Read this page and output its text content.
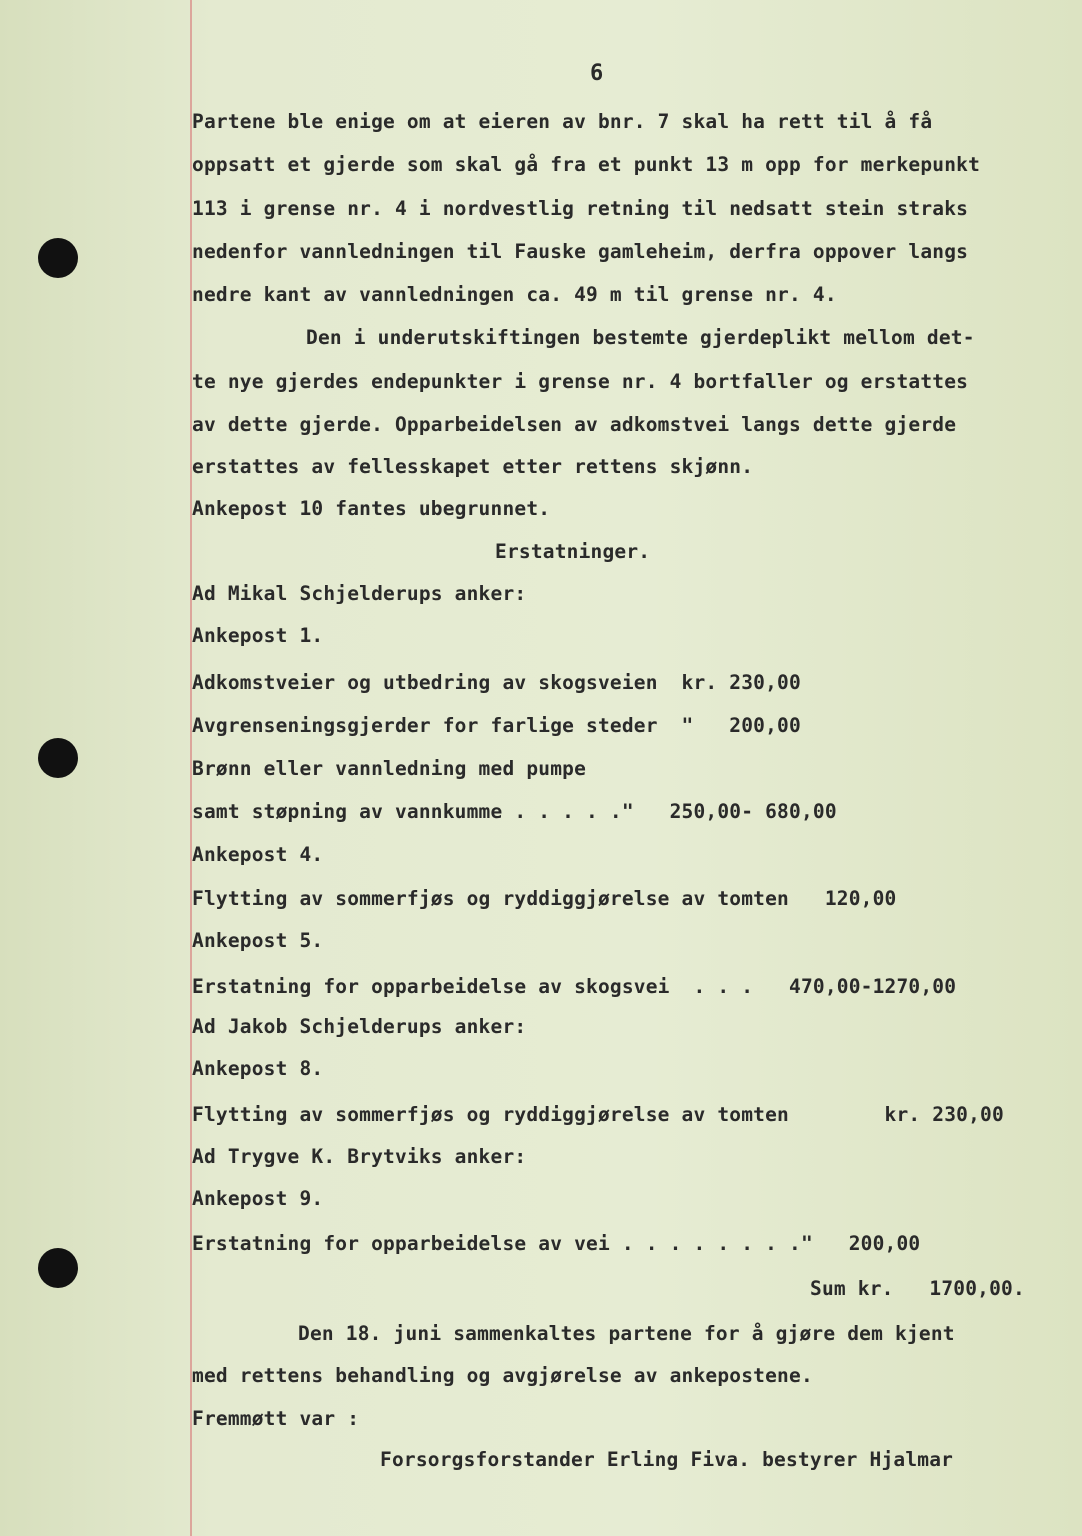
6
Partene ble enige om at eieren av bnr. 7 skal ha rett til å få
oppsatt et gjerde som skal gå fra et punkt 13 m opp for merkepunkt
113 i grense nr. 4 i nordvestlig retning til nedsatt stein straks
nedenfor vannledningen til Fauske gamleheim, derfra oppover langs
nedre kant av vannledningen ca. 49 m til grense nr. 4.
Den i underutskiftingen bestemte gjerdeplikt mellom det-
te nye gjerdes endepunkter i grense nr. 4 bortfaller og erstattes
av dette gjerde. Opparbeidelsen av adkomstvei langs dette gjerde
erstattes av fellesskapet etter rettens skjønn.
Ankepost 10 fantes ubegrunnet.
Erstatninger.
Ad Mikal Schjelderups anker:
Ankepost 1.
Adkomstveier og utbedring av skogsveien  kr. 230,00
Avgrenseningsgjerder for farlige steder  "   200,00
Brønn eller vannledning med pumpe
samt støpning av vannkumme . . . . ."   250,00- 680,00
Ankepost 4.
Flytting av sommerfjøs og ryddiggjørelse av tomten   120,00
Ankepost 5.
Erstatning for opparbeidelse av skogsvei  . . .   470,00-1270,00
Ad Jakob Schjelderups anker:
Ankepost 8.
Flytting av sommerfjøs og ryddiggjørelse av tomten        kr. 230,00
Ad Trygve K. Brytviks anker:
Ankepost 9.
Erstatning for opparbeidelse av vei . . . . . . . ."   200,00
Sum kr.   1700,00.
Den 18. juni sammenkaltes partene for å gjøre dem kjent
med rettens behandling og avgjørelse av ankepostene.
Fremmøtt var :
Forsorgsforstander Erling Fiva. bestyrer Hjalmar
